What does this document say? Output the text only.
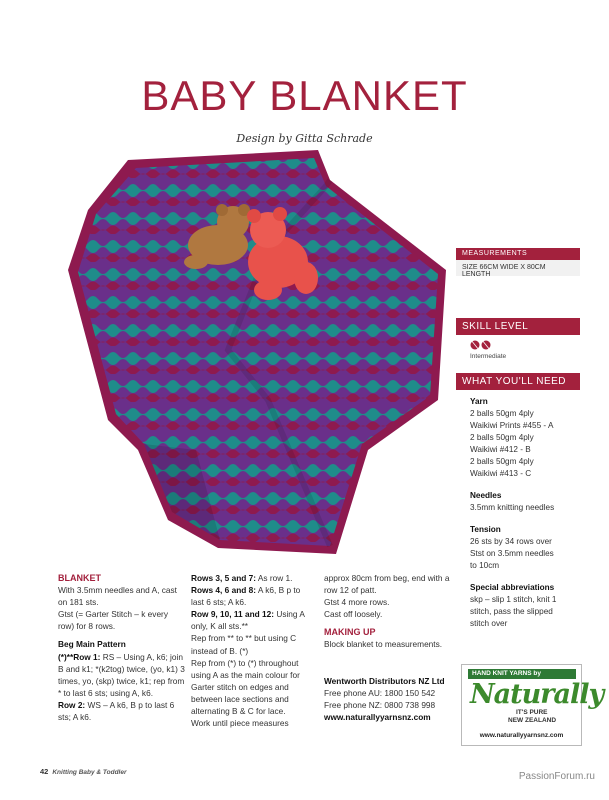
BABY BLANKET
Design by Gitta Schrade
MEASUREMENTS
SIZE 66CM WIDE X 80CM LENGTH
SKILL LEVEL
Intermediate
WHAT YOU'LL NEED
Yarn
2 balls 50gm 4ply
Waikiwi Prints #455 - A
2 balls 50gm 4ply
Waikiwi #412 - B
2 balls 50gm 4ply
Waikiwi #413 - C
Needles
3.5mm knitting needles
Tension
26 sts by 34 rows over
Stst on 3.5mm needles
to 10cm
Special abbreviations
skp – slip 1 stitch, knit 1
stitch, pass the slipped
stitch over
BLANKET

With 3.5mm needles and A, cast on 181 sts.

Gtst (= Garter Stitch – k every row) for 8 rows.

Beg Main Pattern

(*)**Row 1: RS – Using A, k6; join B and k1; *(k2tog) twice, (yo, k1) 3 times, yo, (skp) twice, k1; rep from * to last 6 sts; using A, k6.

Row 2: WS – A k6, B p to last 6 sts; A k6.

Rows 3, 5 and 7: As row 1.

Rows 4, 6 and 8: A k6, B p to last 6 sts; A k6.

Row 9, 10, 11 and 12: Using A only, K all sts.**

Rep from ** to ** but using C instead of B. (*)

Rep from (*) to (*) throughout using A as the main colour for Garter stitch on edges and between lace sections and alternating B & C for lace.

Work until piece measures

approx 80cm from beg, end with a row 12 of patt.

Gtst 4 more rows.

Cast off loosely.

MAKING UP

Block blanket to measurements.

Wentworth Distributors NZ Ltd

Free phone AU: 1800 150 542

Free phone NZ: 0800 738 998

www.naturallyyarnsnz.com

HAND KNIT YARNS by
Naturally
IT'S PURE
NEW ZEALAND
www.naturallyyarnsnz.com
42 Knitting Baby & Toddler	PassionForum.ru
